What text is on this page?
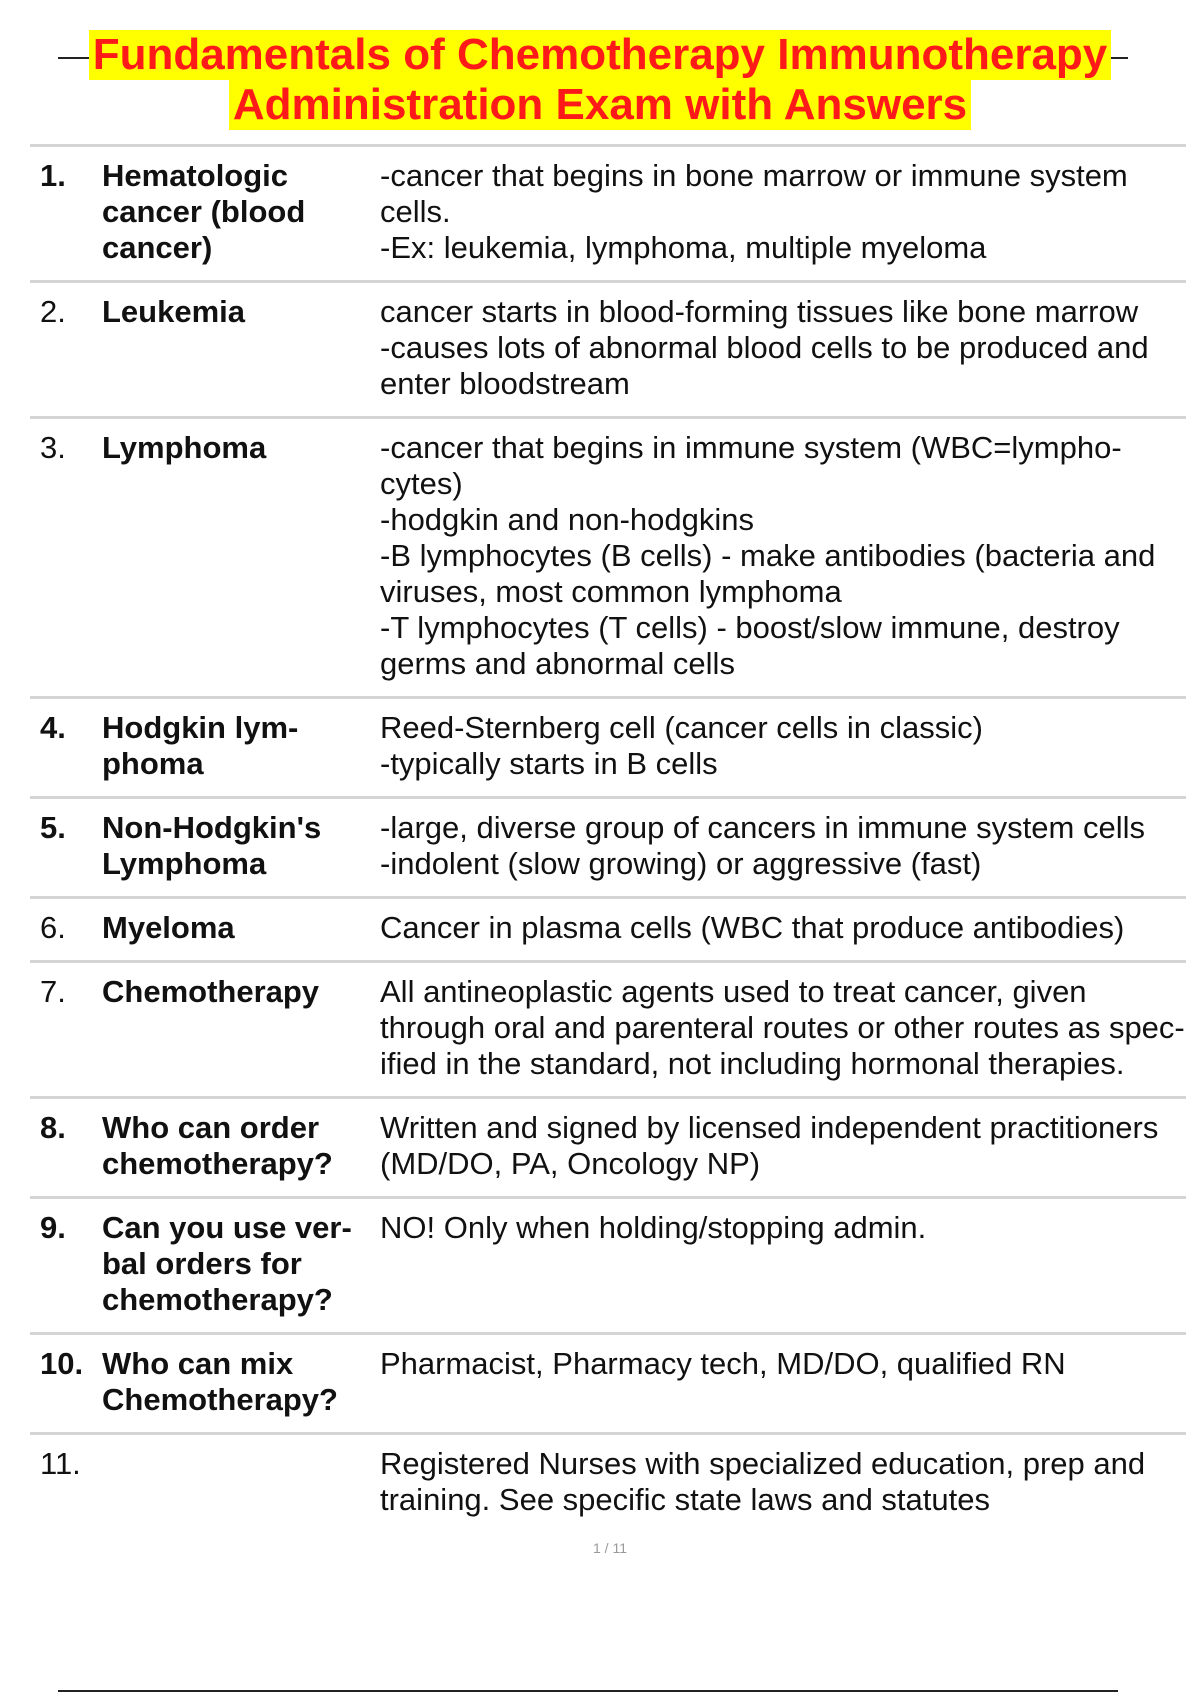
Fundamentals of Chemotherapy Immunotherapy
Administration Exam with Answers
1.	Hematologic cancer (blood cancer)	-cancer that begins in bone marrow or immune system cells.
-Ex: leukemia, lymphoma, multiple myeloma
2.	Leukemia	cancer starts in blood-forming tissues like bone marrow
-causes lots of abnormal blood cells to be produced and enter bloodstream
3.	Lymphoma	-cancer that begins in immune system (WBC=lympho-cytes)
-hodgkin and non-hodgkins
-B lymphocytes (B cells) - make antibodies (bacteria and viruses, most common lymphoma
-T lymphocytes (T cells) - boost/slow immune, destroy germs and abnormal cells
4.	Hodgkin lym-phoma	Reed-Sternberg cell (cancer cells in classic)
-typically starts in B cells
5.	Non-Hodgkin's Lymphoma	-large, diverse group of cancers in immune system cells
-indolent (slow growing) or aggressive (fast)
6.	Myeloma	Cancer in plasma cells (WBC that produce antibodies)
7.	Chemotherapy	All antineoplastic agents used to treat cancer, given through oral and parenteral routes or other routes as spec-ified in the standard, not including hormonal therapies.
8.	Who can order chemotherapy?	Written and signed by licensed independent practitioners (MD/DO, PA, Oncology NP)
9.	Can you use ver-bal orders for chemotherapy?	NO! Only when holding/stopping admin.
10.	Who can mix Chemotherapy?	Pharmacist, Pharmacy tech, MD/DO, qualified RN
11.		Registered Nurses with specialized education, prep and training. See specific state laws and statutes
1 / 11
